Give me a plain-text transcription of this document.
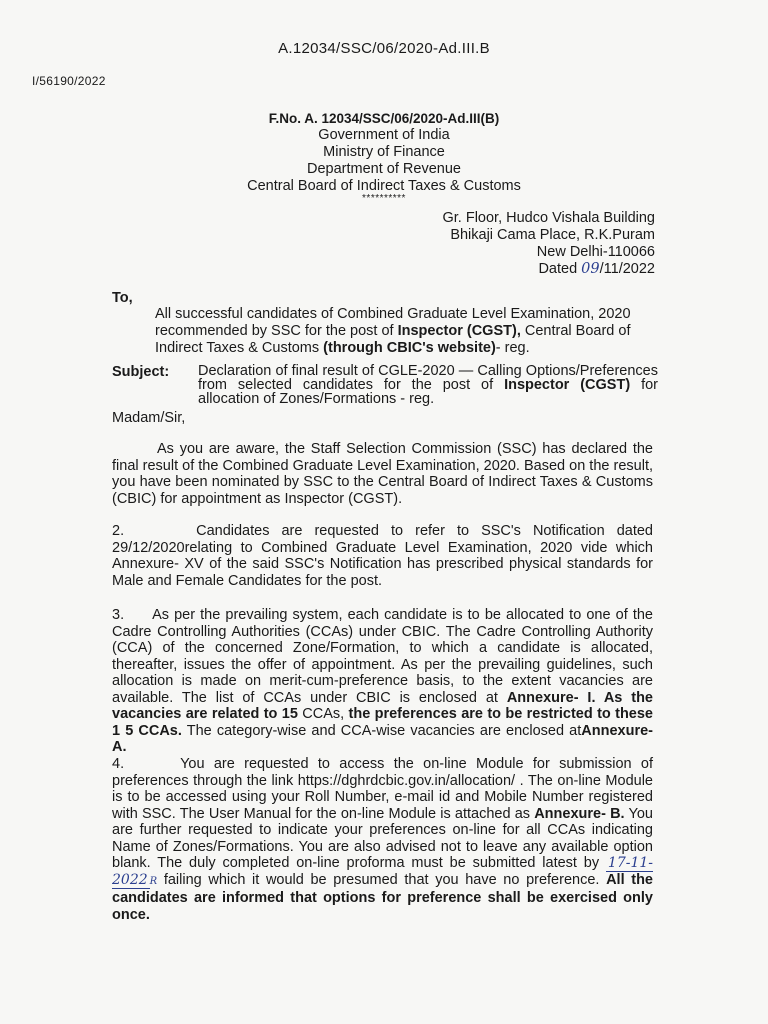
A.12034/SSC/06/2020-Ad.III.B
I/56190/2022
F.No. A. 12034/SSC/06/2020-Ad.III(B)
Government of India
Ministry of Finance
Department of Revenue
Central Board of Indirect Taxes & Customs
**********
Gr. Floor, Hudco Vishala Building
Bhikaji Cama Place, R.K.Puram
New Delhi-110066
Dated 09/11/2022
To,
All successful candidates of Combined Graduate Level Examination, 2020 recommended by SSC for the post of Inspector (CGST), Central Board of Indirect Taxes & Customs (through CBIC's website)- reg.
Subject: Declaration of final result of CGLE-2020 — Calling Options/Preferences from selected candidates for the post of Inspector (CGST) for allocation of Zones/Formations - reg.
Madam/Sir,
As you are aware, the Staff Selection Commission (SSC) has declared the final result of the Combined Graduate Level Examination, 2020. Based on the result, you have been nominated by SSC to the Central Board of Indirect Taxes & Customs (CBIC) for appointment as Inspector (CGST).
2.	Candidates are requested to refer to SSC's Notification dated 29/12/2020relating to Combined Graduate Level Examination, 2020 vide which Annexure- XV of the said SSC's Notification has prescribed physical standards for Male and Female Candidates for the post.
3. As per the prevailing system, each candidate is to be allocated to one of the Cadre Controlling Authorities (CCAs) under CBIC. The Cadre Controlling Authority (CCA) of the concerned Zone/Formation, to which a candidate is allocated, thereafter, issues the offer of appointment. As per the prevailing guidelines, such allocation is made on merit-cum-preference basis, to the extent vacancies are available. The list of CCAs under CBIC is enclosed at Annexure- I. As the vacancies are related to 15 CCAs, the preferences are to be restricted to these 1 5 CCAs. The category-wise and CCA-wise vacancies are enclosed atAnnexure- A.
4.	You are requested to access the on-line Module for submission of preferences through the link https://dghrdcbic.gov.in/allocation/ . The on-line Module is to be accessed using your Roll Number, e-mail id and Mobile Number registered with SSC. The User Manual for the on-line Module is attached as Annexure- B. You are further requested to indicate your preferences on-line for all CCAs indicating Name of Zones/Formations. You are also advised not to leave any available option blank. The duly completed on-line proforma must be submitted latest by 17-11-2022 R failing which it would be presumed that you have no preference. All the candidates are informed that options for preference shall be exercised only once.
